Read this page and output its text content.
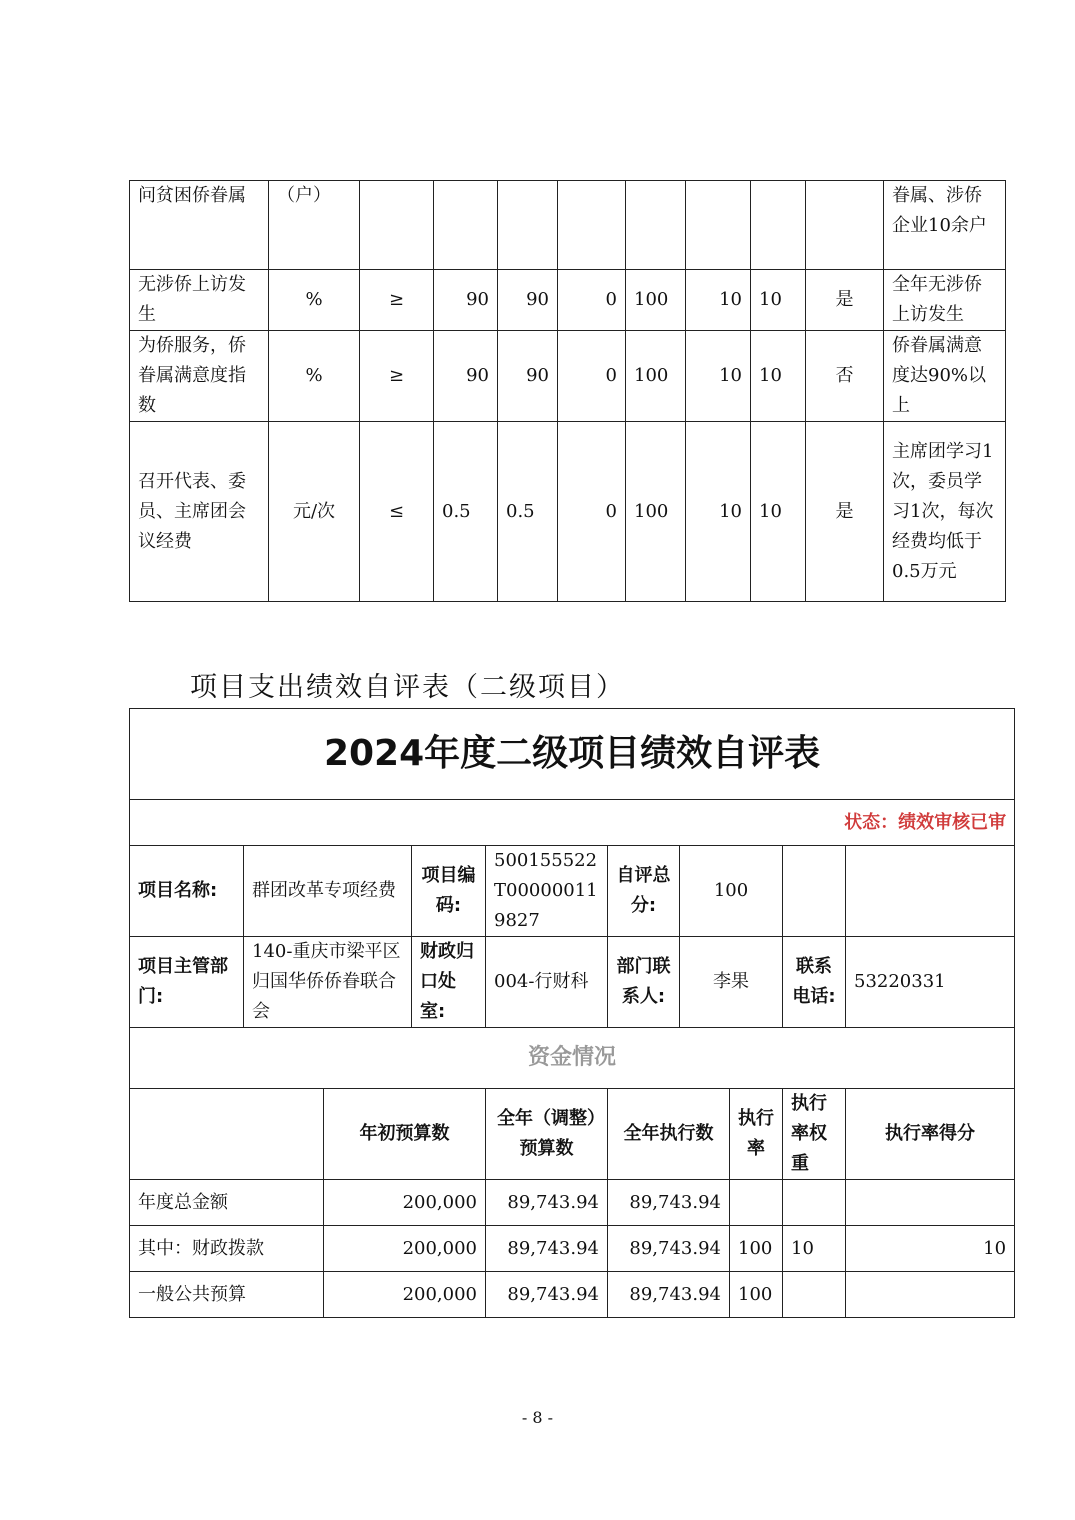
问贫困侨眷属	（户）									眷属、涉侨企业10余户
无涉侨上访发生	%	≥	90	90	0	100	10	10	是	全年无涉侨上访发生
为侨服务，侨眷属满意度指数	%	≥	90	90	0	100	10	10	否	侨眷属满意度达90%以上
召开代表、委员、主席团会议经费	元/次	≤	0.5	0.5	0	100	10	10	是	主席团学习1次，委员学习1次，每次经费均低于0.5万元
项目支出绩效自评表（二级项目）
2024年度二级项目绩效自评表									
状态：绩效审核已审									
项目名称:	群团改革专项经费		项目编码:	500155522T000000119827	自评总分:	100			
项目主管部门:	140-重庆市梁平区归国华侨侨眷联合会		财政归口处室:	004-行财科	部门联系人:	李果		联系电话:	53220331
资金情况									
		年初预算数		全年（调整）预算数	全年执行数		执行率	执行率权重	执行率得分
年度总金额		200,000		89,743.94	89,743.94				
其中：财政拨款		200,000		89,743.94	89,743.94		100	10	10
一般公共预算		200,000		89,743.94	89,743.94		100		
- 8 -
